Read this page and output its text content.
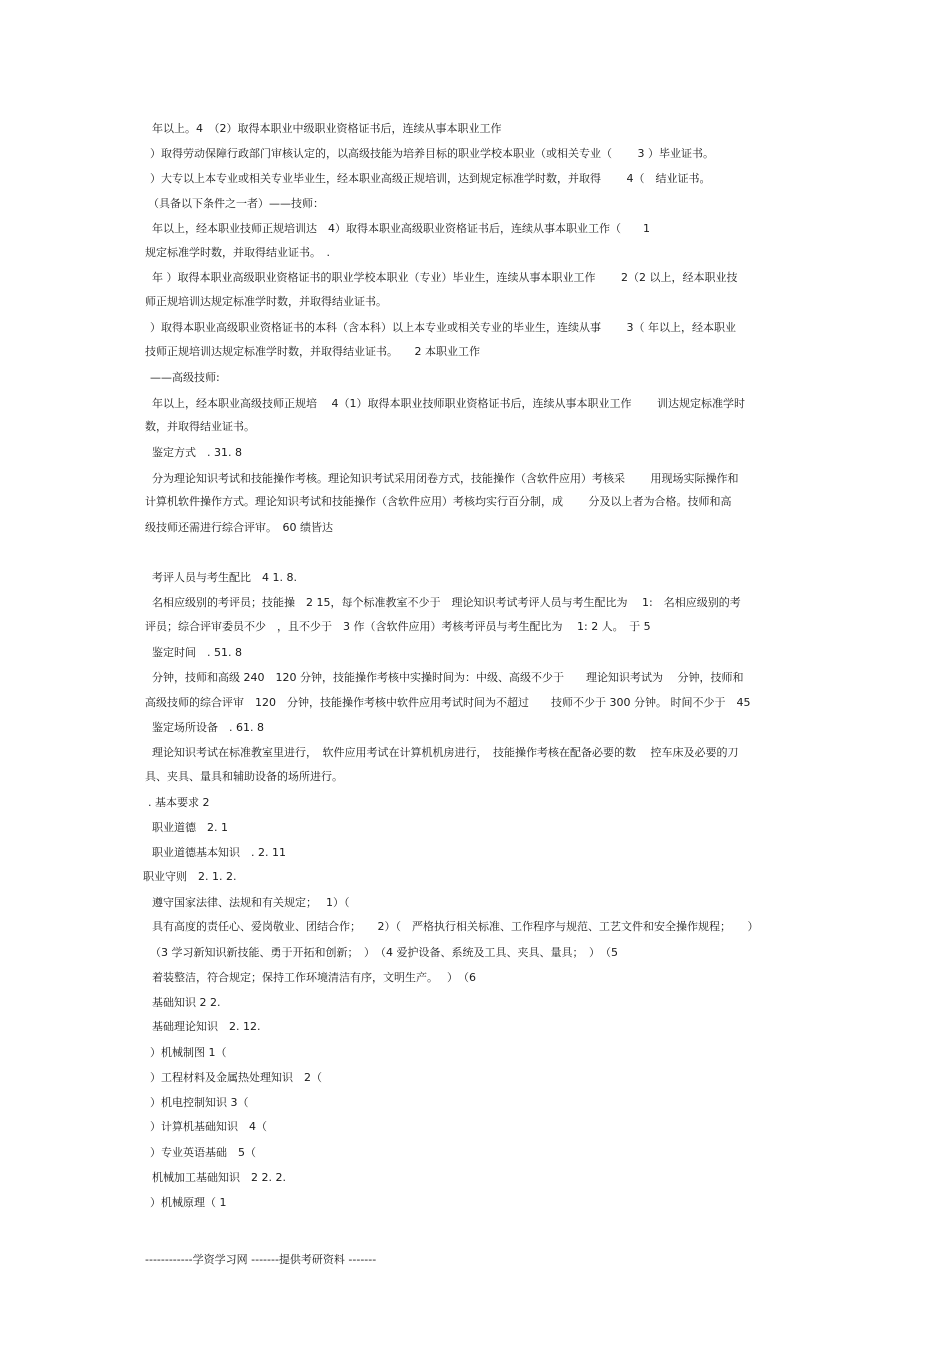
年以上。4　（2）取得本职业中级职业资格证书后，连续从事本职业工作
）取得劳动保障行政部门审核认定的，以高级技能为培养目标的职业学校本职业（或相关专业（　　 3 ）毕业证书。
）大专以上本专业或相关专业毕业生，经本职业高级正规培训，达到规定标准学时数，并取得　　 4（　结业证书。
（具备以下条件之一者）——技师：
年以上，经本职业技师正规培训达　4）取得本职业高级职业资格证书后，连续从事本职业工作（　　1
规定标准学时数，并取得结业证书。　.
年 ）取得本职业高级职业资格证书的职业学校本职业（专业）毕业生，连续从事本职业工作　　 2（2 以上，经本职业技
师正规培训达规定标准学时数，并取得结业证书。
）取得本职业高级职业资格证书的本科（含本科）以上本专业或相关专业的毕业生，连续从事　　 3（ 年以上，经本职业
技师正规培训达规定标准学时数，并取得结业证书。　　2 本职业工作
——高级技师:
年以上，经本职业高级技师正规培　 4（1）取得本职业技师职业资格证书后，连续从事本职业工作　　 训达规定标准学时
数，并取得结业证书。
鉴定方式　. 31. 8
分为理论知识考试和技能操作考核。理论知识考试采用闭卷方式，技能操作（含软件应用）考核采　　 用现场实际操作和
计算机软件操作方式。理论知识考试和技能操作（含软件应用）考核均实行百分制，成　　 分及以上者为合格。技师和高
级技师还需进行综合评审。　60 绩皆达
考评人员与考生配比　4 1. 8.
名相应级别的考评员；技能操　2 15，每个标准教室不少于　理论知识考试考评人员与考生配比为　 1:　名相应级别的考
评员；综合评审委员不少　，且不少于　3 作（含软件应用）考核考评员与考生配比为　 1: 2 人。　于 5
鉴定时间　. 51. 8
分钟，技师和高级 240　120 分钟，技能操作考核中实操时间为：中级、高级不少于　　理论知识考试为　 分钟，技师和
高级技师的综合评审　120　分钟，技能操作考核中软件应用考试时间为不超过　　技师不少于 300 分钟。 时间不少于　45
鉴定场所设备　. 61. 8
理论知识考试在标准教室里进行，　软件应用考试在计算机机房进行，　技能操作考核在配备必要的数　 控车床及必要的刀
具、夹具、量具和辅助设备的场所进行。
. 基本要求 2
职业道德　2. 1
职业道德基本知识　. 2. 11
职业守则　2. 1. 2.
遵守国家法律、法规和有关规定；　 1）（
具有高度的责任心、爱岗敬业、团结合作；　　2）（　严格执行相关标准、工作程序与规范、工艺文件和安全操作规程；　　）
（3 学习新知识新技能、勇于开拓和创新；　）　（4 爱护设备、系统及工具、夹具、量具；　）　（5
着装整洁，符合规定；保持工作环境清洁有序，文明生产。　 ）　（6
基础知识 2 2.
基础理论知识　2. 12.
）机械制图 1（
）工程材料及金属热处理知识　2（
）机电控制知识 3（
）计算机基础知识　4（
）专业英语基础　5（
机械加工基础知识　2 2. 2.
）机械原理（ 1
------------学资学习网 -------提供考研资料 -------
